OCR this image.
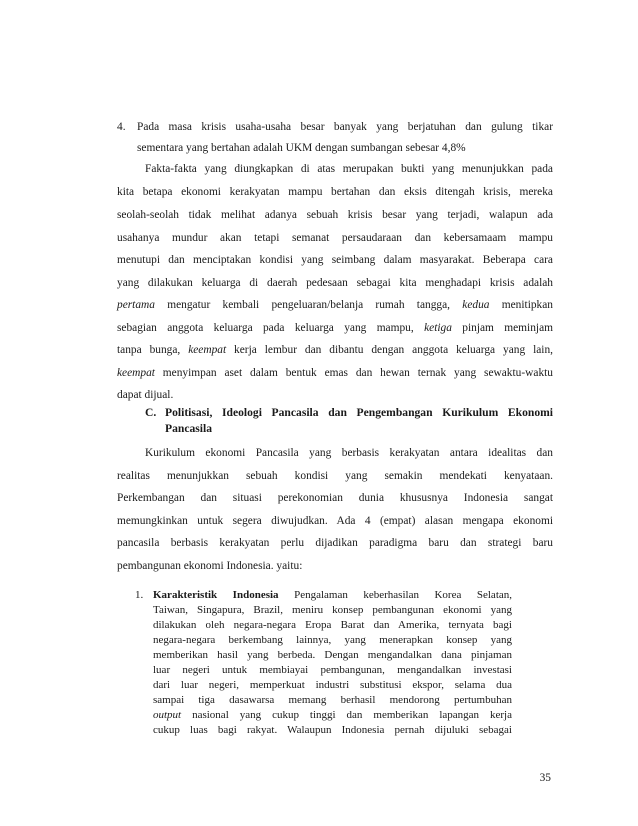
4. Pada masa krisis usaha-usaha besar banyak yang berjatuhan dan gulung tikar
sementara yang bertahan adalah UKM dengan sumbangan sebesar 4,8%
Fakta-fakta yang diungkapkan di atas merupakan bukti yang menunjukkan pada
kita betapa ekonomi kerakyatan mampu bertahan dan eksis ditengah krisis, mereka
seolah-seolah tidak melihat adanya sebuah krisis besar yang terjadi, walapun ada
usahanya mundur akan tetapi semanat persaudaraan dan kebersamaam mampu
menutupi dan menciptakan kondisi yang seimbang dalam masyarakat. Beberapa cara
yang dilakukan keluarga di daerah pedesaan sebagai kita menghadapi krisis adalah
pertama mengatur kembali pengeluaran/belanja rumah tangga, kedua menitipkan
sebagian anggota keluarga pada keluarga yang mampu, ketiga pinjam meminjam
tanpa bunga, keempat kerja lembur dan dibantu dengan anggota keluarga yang lain,
keempat menyimpan aset dalam bentuk emas dan hewan ternak yang sewaktu-waktu
dapat dijual.
C. Politisasi, Ideologi Pancasila dan Pengembangan Kurikulum Ekonomi
Pancasila
Kurikulum ekonomi Pancasila yang berbasis kerakyatan antara idealitas dan
realitas menunjukkan sebuah kondisi yang semakin mendekati kenyataan.
Perkembangan dan situasi perekonomian dunia khususnya Indonesia sangat
memungkinkan untuk segera diwujudkan. Ada 4 (empat) alasan mengapa ekonomi
pancasila berbasis kerakyatan perlu dijadikan paradigma baru dan strategi baru
pembangunan ekonomi Indonesia. yaitu:
1. Karakteristik Indonesia Pengalaman keberhasilan Korea Selatan,
Taiwan, Singapura, Brazil, meniru konsep pembangunan ekonomi yang
dilakukan oleh negara-negara Eropa Barat dan Amerika, ternyata bagi
negara-negara berkembang lainnya, yang menerapkan konsep yang
memberikan hasil yang berbeda. Dengan mengandalkan dana pinjaman
luar negeri untuk membiayai pembangunan, mengandalkan investasi
dari luar negeri, memperkuat industri substitusi ekspor, selama dua
sampai tiga dasawarsa memang berhasil mendorong pertumbuhan
output nasional yang cukup tinggi dan memberikan lapangan kerja
cukup luas bagi rakyat. Walaupun Indonesia pernah dijuluki sebagai
35
